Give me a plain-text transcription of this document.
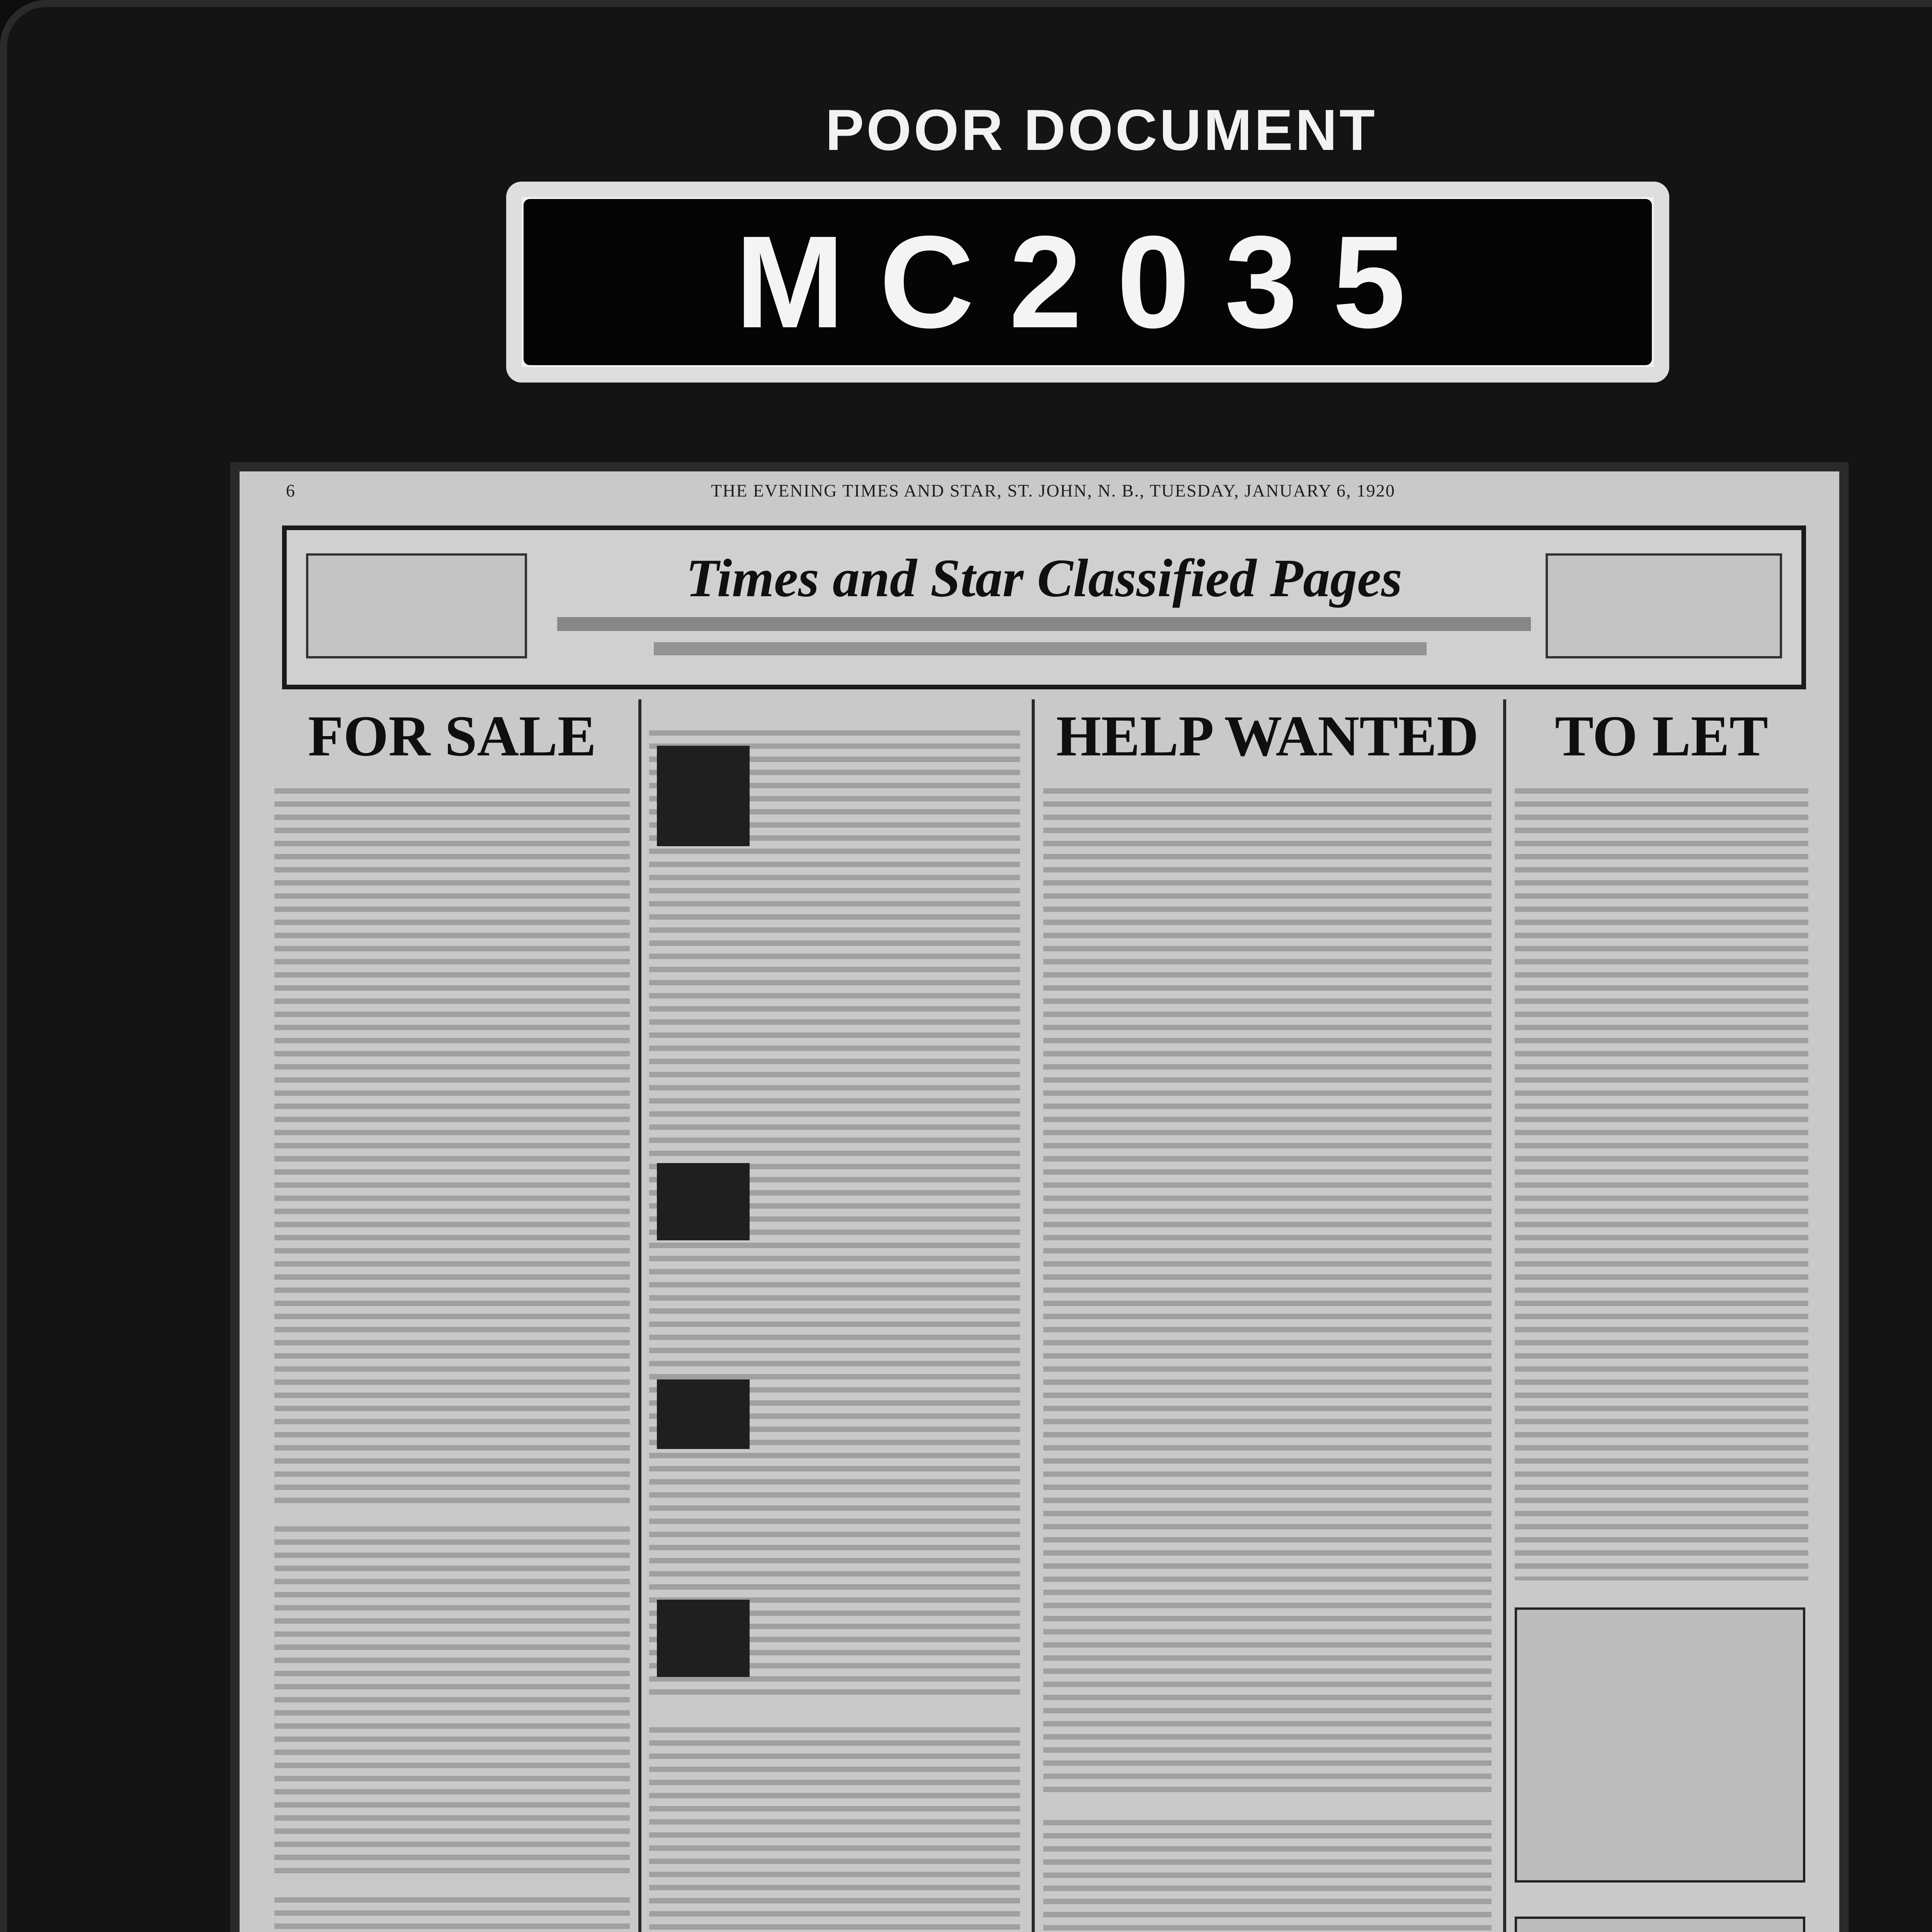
POOR DOCUMENT
MC2035
6	THE EVENING TIMES AND STAR, ST. JOHN, N. B., TUESDAY, JANUARY 6, 1920
Times and Star Classified Pages
FOR SALE	HELP WANTED	TO LET
